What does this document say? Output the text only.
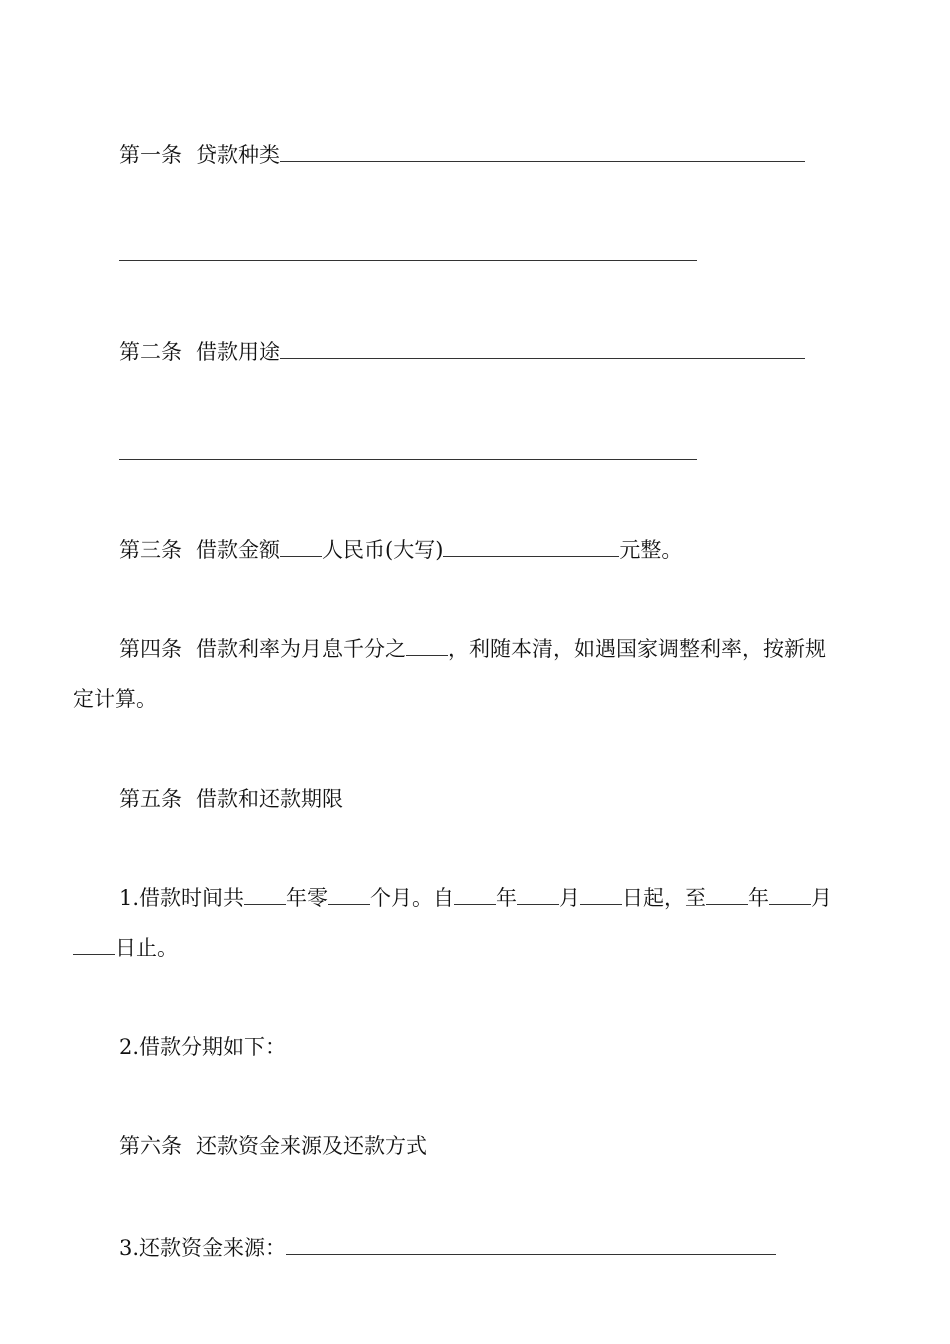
第一条 贷款种类
第二条 借款用途
第三条 借款金额 人民币(大写)	元整。
第四条 借款利率为月息千分之 ，利随本清，如遇国家调整利率，按新规
定计算。
第五条 借款和还款期限
1.借款时间共 年零 个月。自 年 月 日起，至 年 月
日止。
2.借款分期如下：
第六条 还款资金来源及还款方式
3.还款资金来源：
